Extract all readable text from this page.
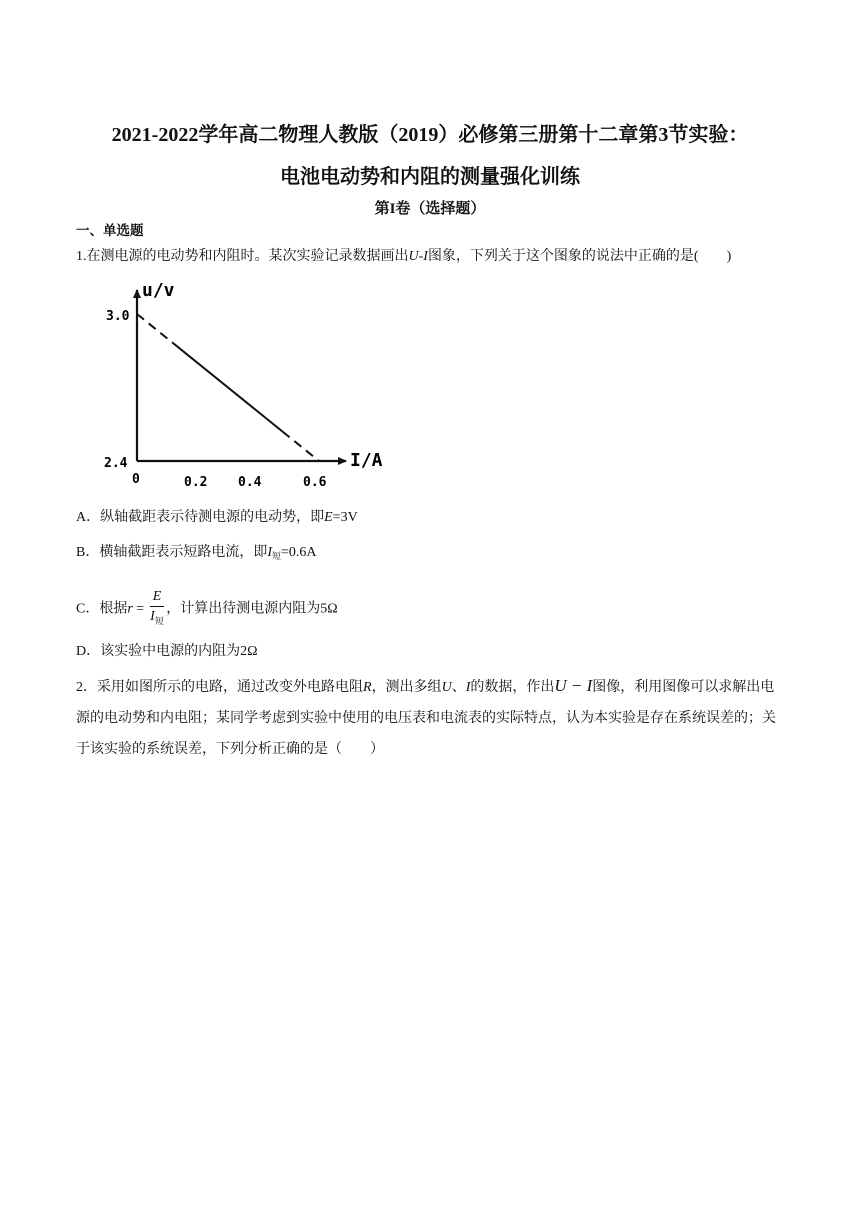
2021-2022学年高二物理人教版（2019）必修第三册第十二章第3节实验：
电池电动势和内阻的测量强化训练
第I卷（选择题）
一、单选题
1.在测电源的电动势和内阻时。某次实验记录数据画出U-I图象，下列关于这个图象的说法中正确的是(　　)
u/v
I/A
3.0
2.4
0	0.2 0.4	0.6
A．纵轴截距表示待测电源的电动势，即E=3V
B．横轴截距表示短路电流，即$I_短=0.6A$
C．根据$r = \frac{E}{I_短}$ ，计算出待测电源内阻为5Ω
D．该实验中电源的内阻为2Ω
2．采用如图所示的电路，通过改变外电路电阻R，测出多组U、I的数据，作出U − I图像，利用图像可以求解出电源的电动势和内电阻；某同学考虑到实验中使用的电压表和电流表的实际特点，认为本实验是存在系统误差的；关于该实验的系统误差，下列分析正确的是（　　）
